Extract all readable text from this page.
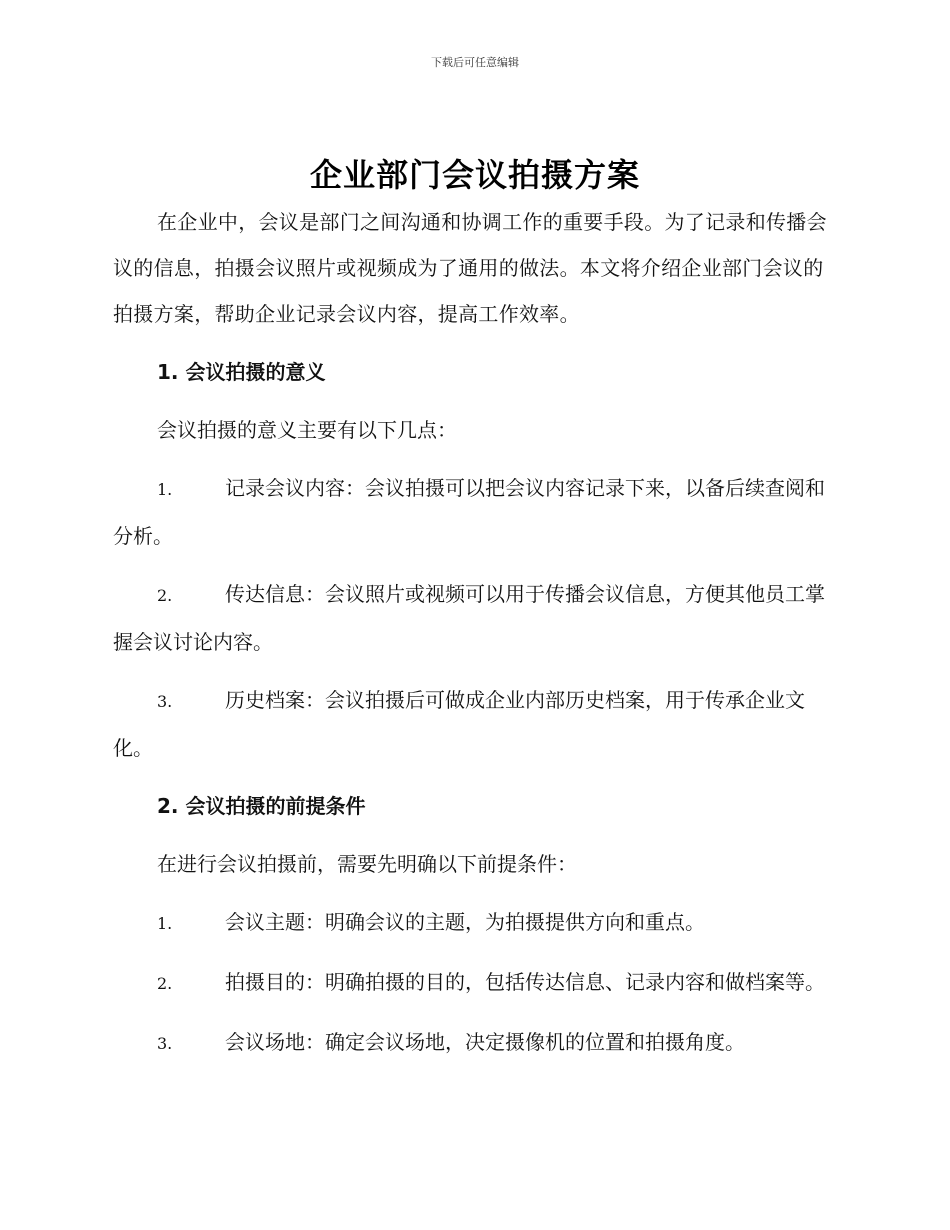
下载后可任意编辑
企业部门会议拍摄方案

在企业中，会议是部门之间沟通和协调工作的重要手段。为了记录和传播会议的信息，拍摄会议照片或视频成为了通用的做法。本文将介绍企业部门会议的拍摄方案，帮助企业记录会议内容，提高工作效率。

1. 会议拍摄的意义

会议拍摄的意义主要有以下几点：

1.	记录会议内容：会议拍摄可以把会议内容记录下来，以备后续查阅和分析。

2.	传达信息：会议照片或视频可以用于传播会议信息，方便其他员工掌握会议讨论内容。

3.	历史档案：会议拍摄后可做成企业内部历史档案，用于传承企业文化。

2. 会议拍摄的前提条件

在进行会议拍摄前，需要先明确以下前提条件：

1.	会议主题：明确会议的主题，为拍摄提供方向和重点。

2.	拍摄目的：明确拍摄的目的，包括传达信息、记录内容和做档案等。

3.	会议场地：确定会议场地，决定摄像机的位置和拍摄角度。
